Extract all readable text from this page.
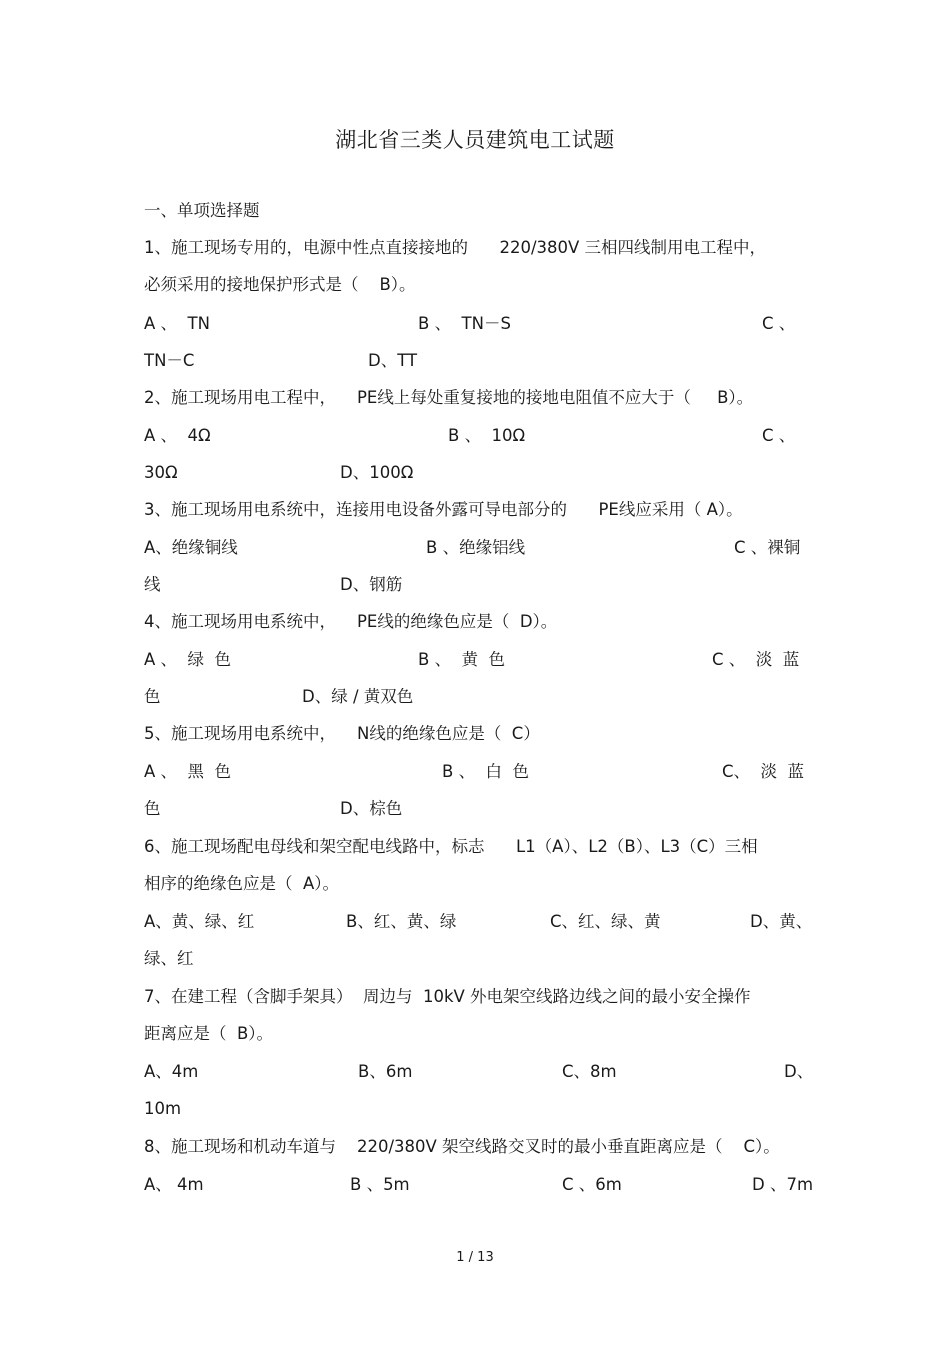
湖北省三类人员建筑电工试题
一、单项选择题
1、施工现场专用的，电源中性点直接接地的      220/380V 三相四线制用电工程中，
必须采用的接地保护形式是（    B）。
A 、  TN	B 、  TN－S	C 、
TN－C	D、TT
2、施工现场用电工程中，    PE线上每处重复接地的接地电阻值不应大于（     B）。
A 、  4Ω	B 、  10Ω	C 、
30Ω	D、100Ω
3、施工现场用电系统中，连接用电设备外露可导电部分的      PE线应采用（ A）。
A、绝缘铜线	B 、绝缘铝线	C 、裸铜
线	D、钢筋
4、施工现场用电系统中，    PE线的绝缘色应是（  D）。
A 、  绿  色	B 、  黄  色	C 、  淡  蓝
色	D、绿 / 黄双色
5、施工现场用电系统中，    N线的绝缘色应是（  C）
A 、  黑  色	B 、  白  色	C、  淡  蓝
色	D、棕色
6、施工现场配电母线和架空配电线路中，标志      L1（A）、L2（B）、L3（C）三相
相序的绝缘色应是（  A）。
A、黄、绿、红	B、红、黄、绿	C、红、绿、黄	D、黄、
绿、红
7、在建工程（含脚手架具）  周边与  10kV 外电架空线路边线之间的最小安全操作
距离应是（  B）。
A、4m	B、6m	C、8m	D、
10m
8、施工现场和机动车道与    220/380V 架空线路交叉时的最小垂直距离应是（    C）。
A、 4m	B 、5m	C 、6m	D 、7m
1 / 13
